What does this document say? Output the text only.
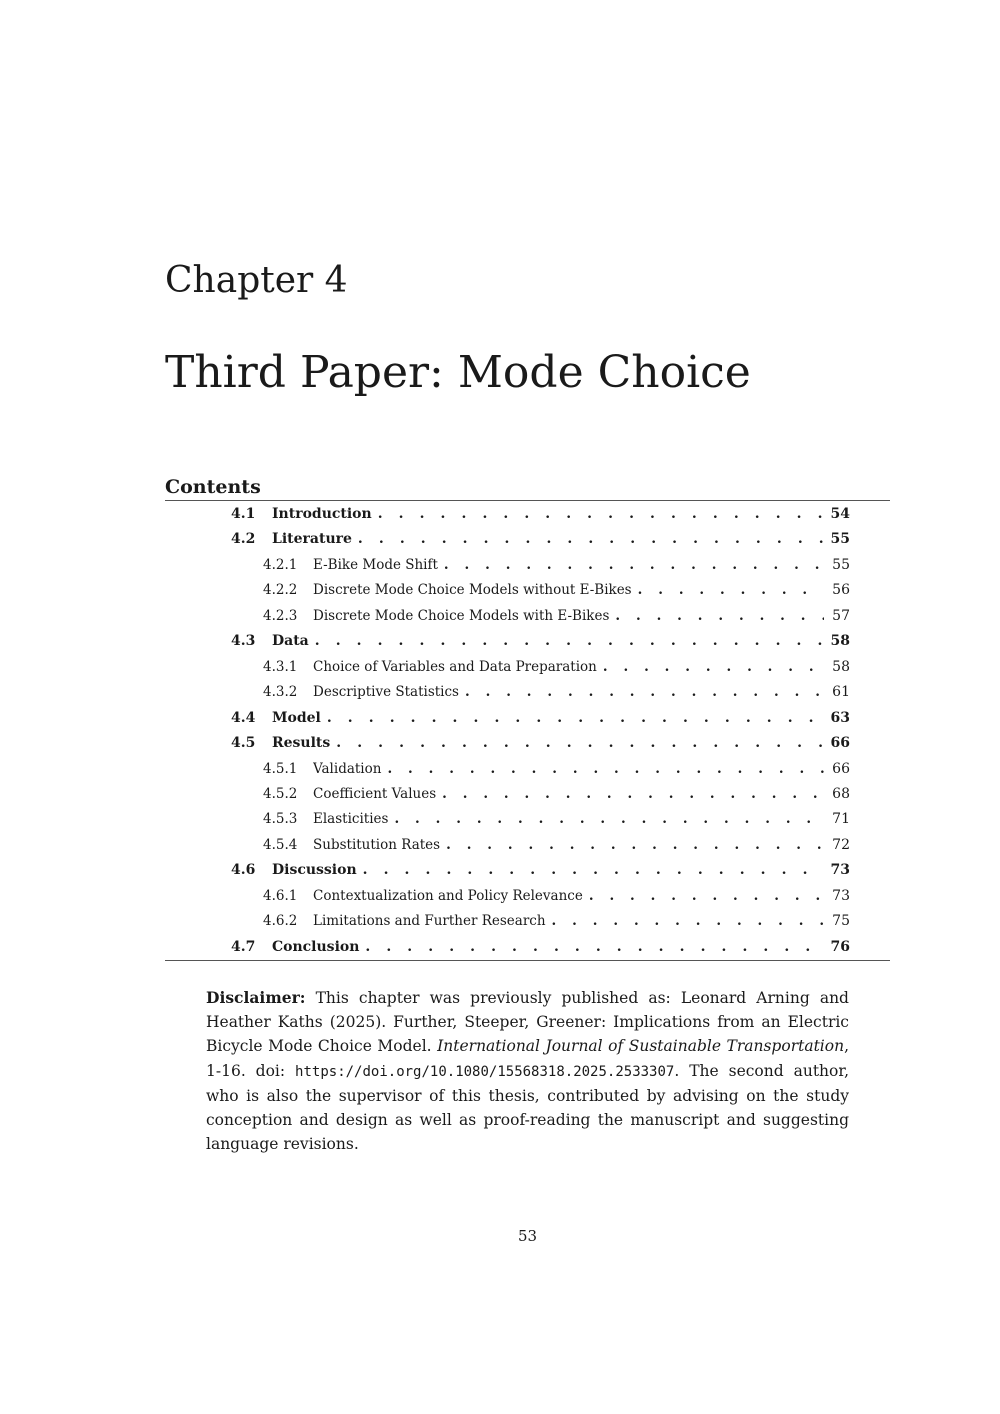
Chapter 4
Third Paper: Mode Choice
Contents
4.1 Introduction . . .	54
4.2 Literature . . .	55
4.2.1 E-Bike Mode Shift . . .	55
4.2.2 Discrete Mode Choice Models without E-Bikes . . .	56
4.2.3 Discrete Mode Choice Models with E-Bikes . . .	57
4.3 Data . . .	58
4.3.1 Choice of Variables and Data Preparation . . .	58
4.3.2 Descriptive Statistics . . .	61
4.4 Model . . .	63
4.5 Results . . .	66
4.5.1 Validation . . .	66
4.5.2 Coefficient Values . . .	68
4.5.3 Elasticities . . .	71
4.5.4 Substitution Rates . . .	72
4.6 Discussion . . .	73
4.6.1 Contextualization and Policy Relevance . . .	73
4.6.2 Limitations and Further Research . . .	75
4.7 Conclusion . . .	76
Disclaimer: This chapter was previously published as: Leonard Arning and Heather Kaths (2025). Further, Steeper, Greener: Implications from an Electric Bicycle Mode Choice Model. International Journal of Sustainable Transportation, 1-16. doi: https://doi.org/10.1080/15568318.2025.2533307. The second author, who is also the supervisor of this thesis, contributed by advising on the study conception and design as well as proof-reading the manuscript and suggesting language revisions.
53
